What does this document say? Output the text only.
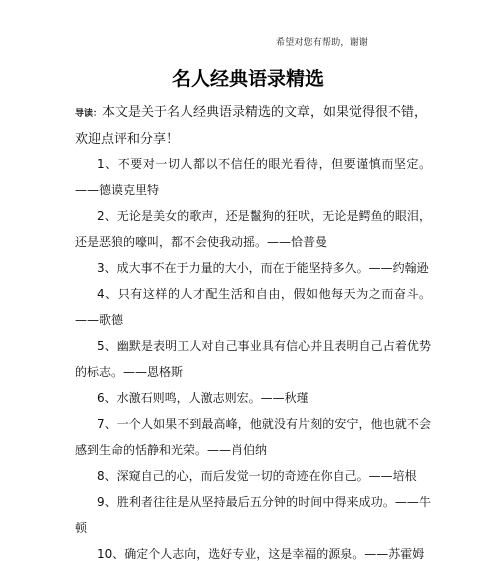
希望对您有帮助，谢谢
名人经典语录精选
导读：本文是关于名人经典语录精选的文章，如果觉得很不错，欢迎点评和分享！
1、不要对一切人都以不信任的眼光看待，但要谨慎而坚定。——德谟克里特
2、无论是美女的歌声，还是鬣狗的狂吠，无论是鳄鱼的眼泪，还是恶狼的嚎叫，都不会使我动摇。——恰普曼
3、成大事不在于力量的大小，而在于能坚持多久。——约翰逊
4、只有这样的人才配生活和自由，假如他每天为之而奋斗。——歌德
5、幽默是表明工人对自己事业具有信心并且表明自己占着优势的标志。——恩格斯
6、水激石则鸣，人激志则宏。——秋瑾
7、一个人如果不到最高峰，他就没有片刻的安宁，他也就不会感到生命的恬静和光荣。——肖伯纳
8、深窥自己的心，而后发觉一切的奇迹在你自己。——培根
9、胜利者往往是从坚持最后五分钟的时间中得来成功。——牛顿
10、确定个人志向，选好专业，这是幸福的源泉。——苏霍姆
